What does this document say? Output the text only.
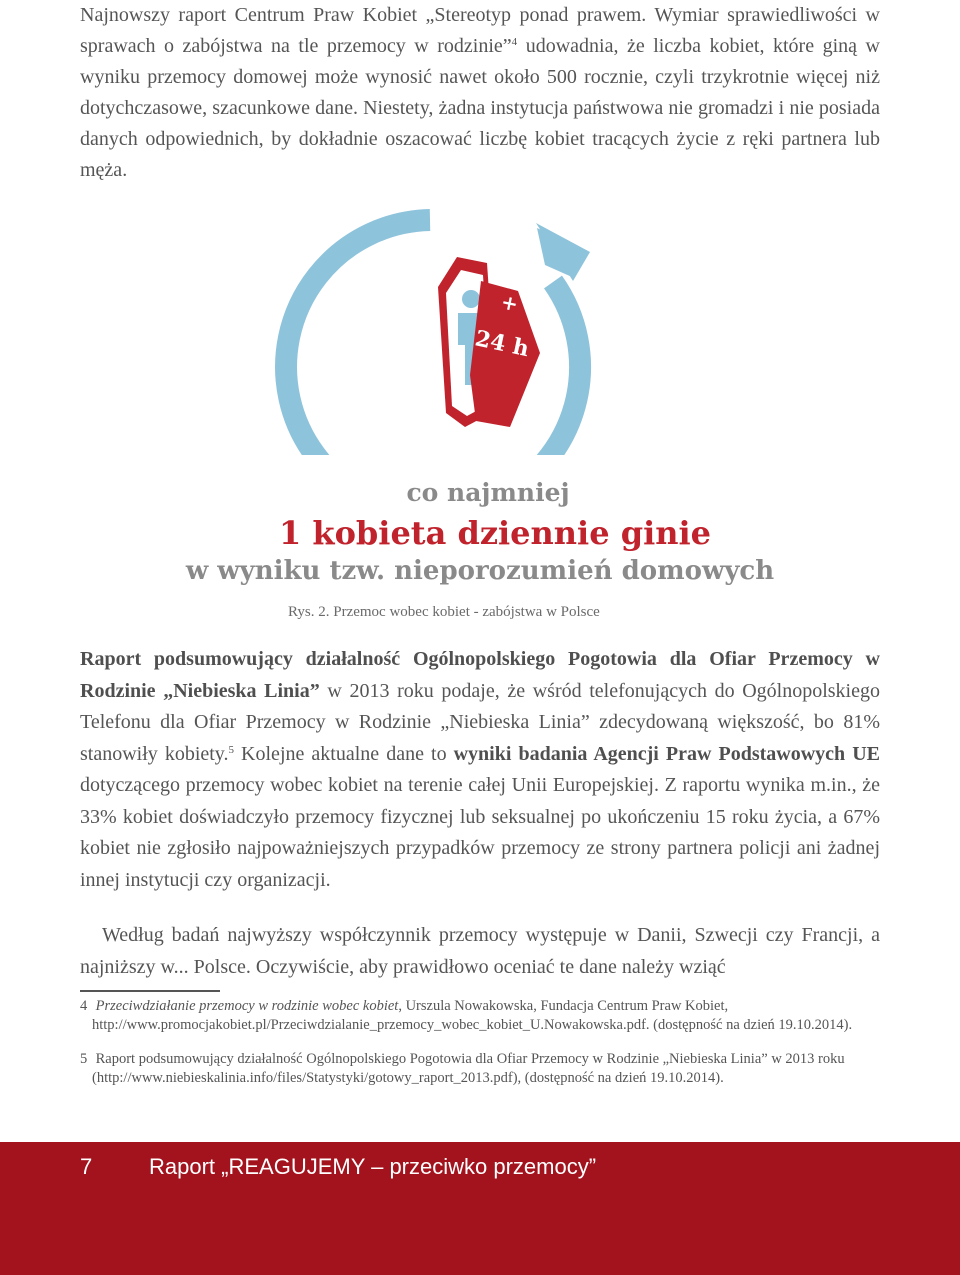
Najnowszy raport Centrum Praw Kobiet „Stereotyp ponad prawem. Wymiar sprawiedliwości w sprawach o zabójstwa na tle przemocy w rodzinie”$^4$ udowadnia, że liczba kobiet, które giną w wyniku przemocy domowej może wynosić nawet około 500 rocznie, czyli trzykrotnie więcej niż dotychczasowe, szacunkowe dane. Niestety, żadna instytucja państwowa nie gromadzi i nie posiada danych odpowiednich, by dokładnie oszacować liczbę kobiet tracących życie z ręki partnera lub męża.

+
24 h

co najmniej

1 kobieta dziennie ginie

w wyniku tzw. nieporozumień domowych

Rys. 2. Przemoc wobec kobiet - zabójstwa w Polsce

Raport podsumowujący działalność Ogólnopolskiego Pogotowia dla Ofiar Przemocy w Rodzinie „Niebieska Linia” w 2013 roku podaje, że wśród telefonujących do Ogólnopolskiego Telefonu dla Ofiar Przemocy w Rodzinie „Niebieska Linia” zdecydowaną większość, bo 81% stanowiły kobiety.$^5$ Kolejne aktualne dane to wyniki badania Agencji Praw Podstawowych UE dotyczącego przemocy wobec kobiet na terenie całej Unii Europejskiej. Z raportu wynika m.in., że 33% kobiet doświadczyło przemocy fizycznej lub seksualnej po ukończeniu 15 roku życia, a 67% kobiet nie zgłosiło najpoważniejszych przypadków przemocy ze strony partnera policji ani żadnej innej instytucji czy organizacji.

Według badań najwyższy współczynnik przemocy występuje w Danii, Szwecji czy Francji, a najniższy w... Polsce. Oczywiście, aby prawidłowo oceniać te dane należy wziąć

4 Przeciwdziałanie przemocy w rodzinie wobec kobiet, Urszula Nowakowska, Fundacja Centrum Praw Kobiet, http://www.promocjakobiet.pl/Przeciwdzialanie_przemocy_wobec_kobiet_U.Nowakowska.pdf. (dostępność na dzień 19.10.2014).

5 Raport podsumowujący działalność Ogólnopolskiego Pogotowia dla Ofiar Przemocy w Rodzinie „Niebieska Linia” w 2013 roku (http://www.niebieskalinia.info/files/Statystyki/gotowy_raport_2013.pdf), (dostępność na dzień 19.10.2014).

7	Raport „REAGUJEMY – przeciwko przemocy”
